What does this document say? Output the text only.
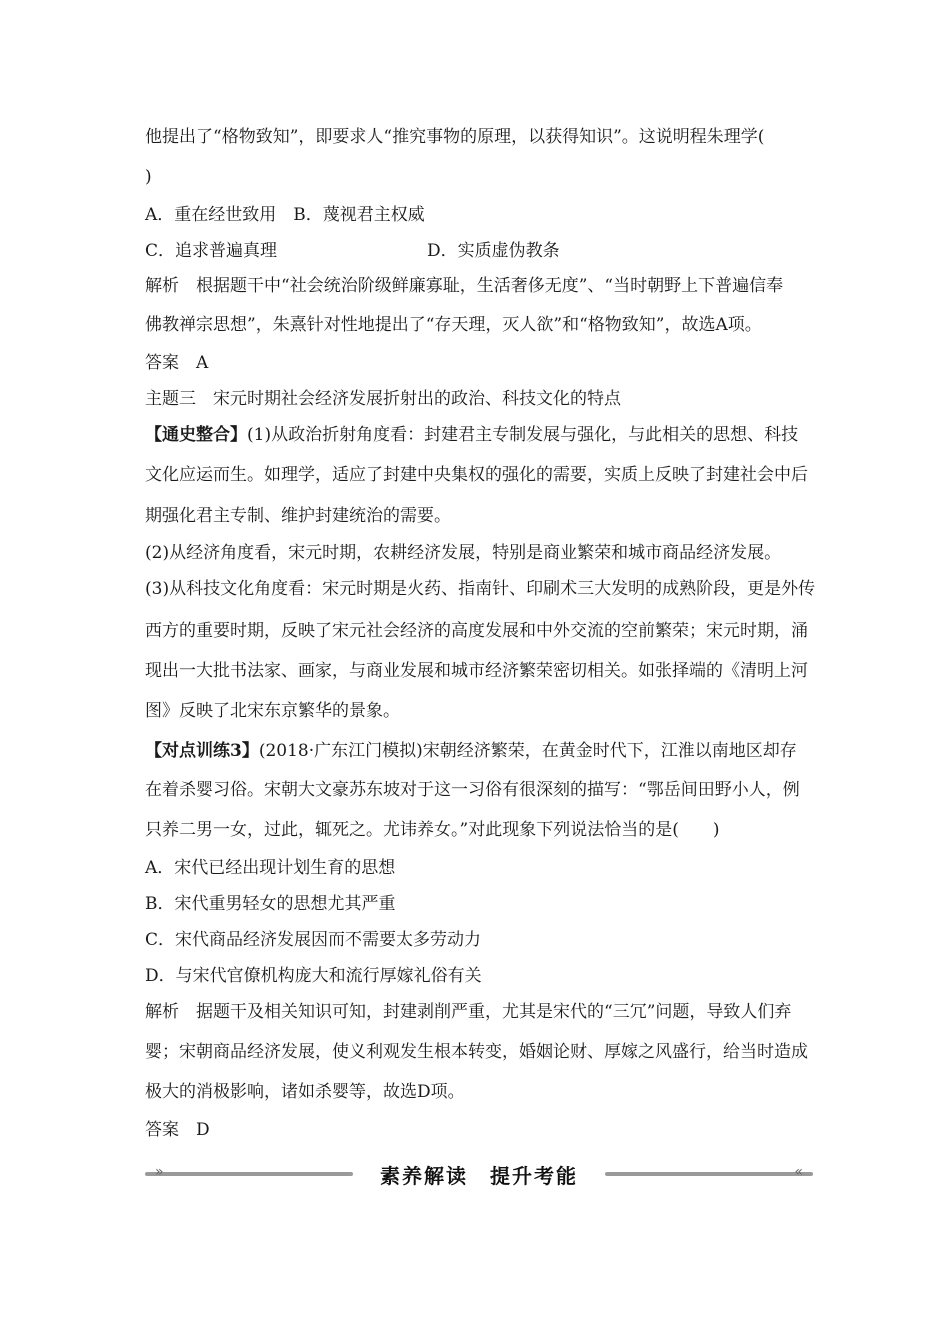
他提出了“格物致知”，即要求人“推究事物的原理，以获得知识”。这说明程朱理学(

)

A．重在经世致用　B．蔑视君主权威

C．追求普遍真理	D．实质虚伪教条

解析　根据题干中“社会统治阶级鲜廉寡耻，生活奢侈无度”、“当时朝野上下普遍信奉

佛教禅宗思想”，朱熹针对性地提出了“存天理，灭人欲”和“格物致知”，故选A项。

答案　A

主题三　宋元时期社会经济发展折射出的政治、科技文化的特点

【通史整合】(1)从政治折射角度看：封建君主专制发展与强化，与此相关的思想、科技

文化应运而生。如理学，适应了封建中央集权的强化的需要，实质上反映了封建社会中后

期强化君主专制、维护封建统治的需要。

(2)从经济角度看，宋元时期，农耕经济发展，特别是商业繁荣和城市商品经济发展。

(3)从科技文化角度看：宋元时期是火药、指南针、印刷术三大发明的成熟阶段，更是外传

西方的重要时期，反映了宋元社会经济的高度发展和中外交流的空前繁荣；宋元时期，涌

现出一大批书法家、画家，与商业发展和城市经济繁荣密切相关。如张择端的《清明上河

图》反映了北宋东京繁华的景象。

【对点训练3】(2018·广东江门模拟)宋朝经济繁荣，在黄金时代下，江淮以南地区却存

在着杀婴习俗。宋朝大文豪苏东坡对于这一习俗有很深刻的描写：“鄂岳间田野小人，例

只养二男一女，过此，辄死之。尤讳养女。”对此现象下列说法恰当的是(　　)

A．宋代已经出现计划生育的思想

B．宋代重男轻女的思想尤其严重

C．宋代商品经济发展因而不需要太多劳动力

D．与宋代官僚机构庞大和流行厚嫁礼俗有关

解析　据题干及相关知识可知，封建剥削严重，尤其是宋代的“三冗”问题，导致人们弃

婴；宋朝商品经济发展，使义利观发生根本转变，婚姻论财、厚嫁之风盛行，给当时造成

极大的消极影响，诸如杀婴等，故选D项。

答案　D

»	素养解读　提升考能	«
